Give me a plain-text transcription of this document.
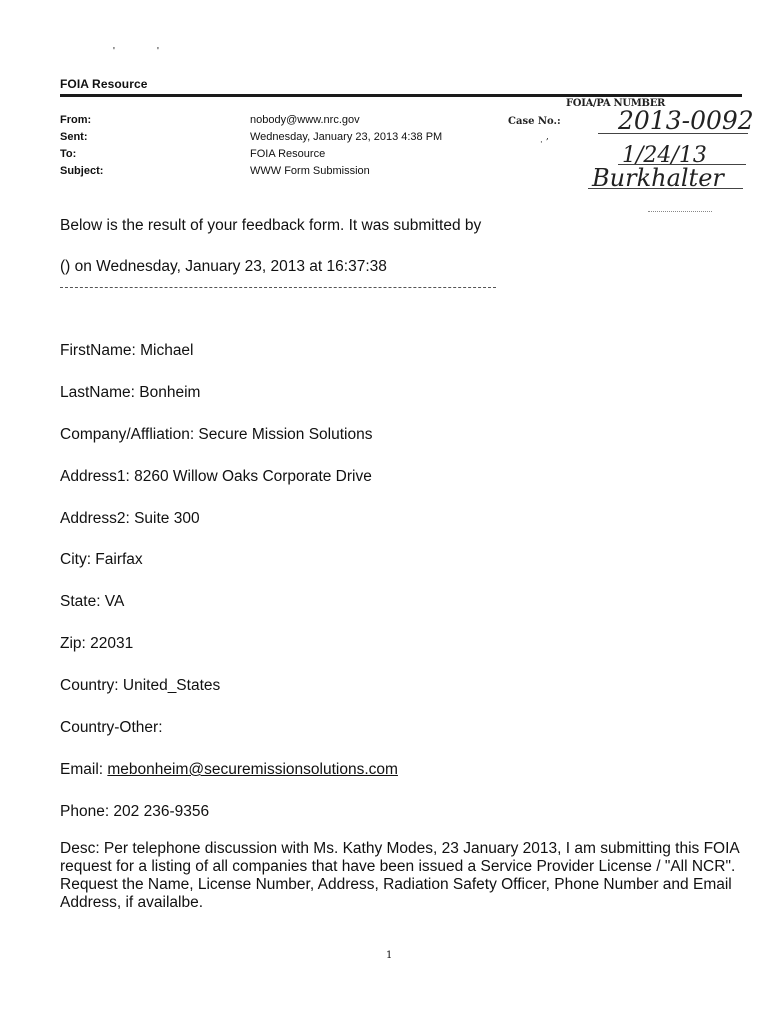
'	'
FOIA Resource
From:	nobody@www.nrc.gov
Sent:	Wednesday, January 23, 2013 4:38 PM
To:	FOIA Resource
Subject:	WWW Form Submission
FOIA/PA NUMBER
Case No.: 2013-0092
· ’	1/24/13
Burkhalter
Below is the result of your feedback form. It was submitted by
() on Wednesday, January 23, 2013 at 16:37:38
FirstName: Michael
LastName: Bonheim
Company/Affliation: Secure Mission Solutions
Address1: 8260 Willow Oaks Corporate Drive
Address2: Suite 300
City: Fairfax
State: VA
Zip: 22031
Country: United_States
Country-Other:
Email: mebonheim@securemissionsolutions.com
Phone: 202 236-9356
Desc: Per telephone discussion with Ms. Kathy Modes, 23 January 2013, I am submitting this FOIA request for a listing of all companies that have been issued a Service Provider License / "All NCR". Request the Name, License Number, Address, Radiation Safety Officer, Phone Number and Email Address, if availalbe.
1
